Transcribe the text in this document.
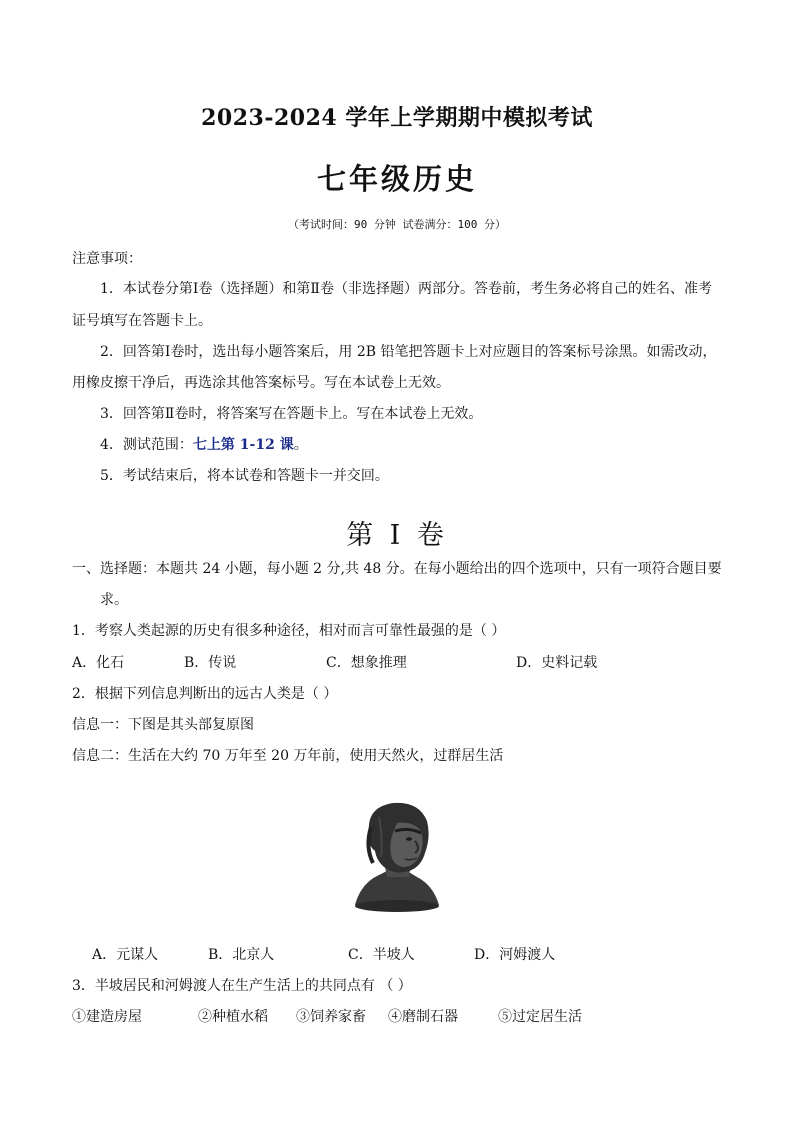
2023-2024 学年上学期期中模拟考试
七年级历史
（考试时间：90 分钟 试卷满分：100 分）
注意事项：
1．本试卷分第Ⅰ卷（选择题）和第Ⅱ卷（非选择题）两部分。答卷前，考生务必将自己的姓名、准考
证号填写在答题卡上。
2．回答第Ⅰ卷时，选出每小题答案后，用 2B 铅笔把答题卡上对应题目的答案标号涂黑。如需改动，
用橡皮擦干净后，再选涂其他答案标号。写在本试卷上无效。
3．回答第Ⅱ卷时，将答案写在答题卡上。写在本试卷上无效。
4．测试范围：七上第 1-12 课。
5．考试结束后，将本试卷和答题卡一并交回。
第 I 卷
一、选择题：本题共 24 小题，每小题 2 分,共 48 分。在每小题给出的四个选项中，只有一项符合题目要
求。
1．考察人类起源的历史有很多种途径，相对而言可靠性最强的是（ ）
A．化石	B．传说	C．想象推理	D．史料记载
2．根据下列信息判断出的远古人类是（ ）
信息一：下图是其头部复原图
信息二：生活在大约 70 万年至 20 万年前，使用天然火，过群居生活
A．元谋人	B．北京人	C．半坡人	D．河姆渡人
3．半坡居民和河姆渡人在生产生活上的共同点有 （ ）
①建造房屋	②种植水稻 ③饲养家畜 ④磨制石器	⑤过定居生活
